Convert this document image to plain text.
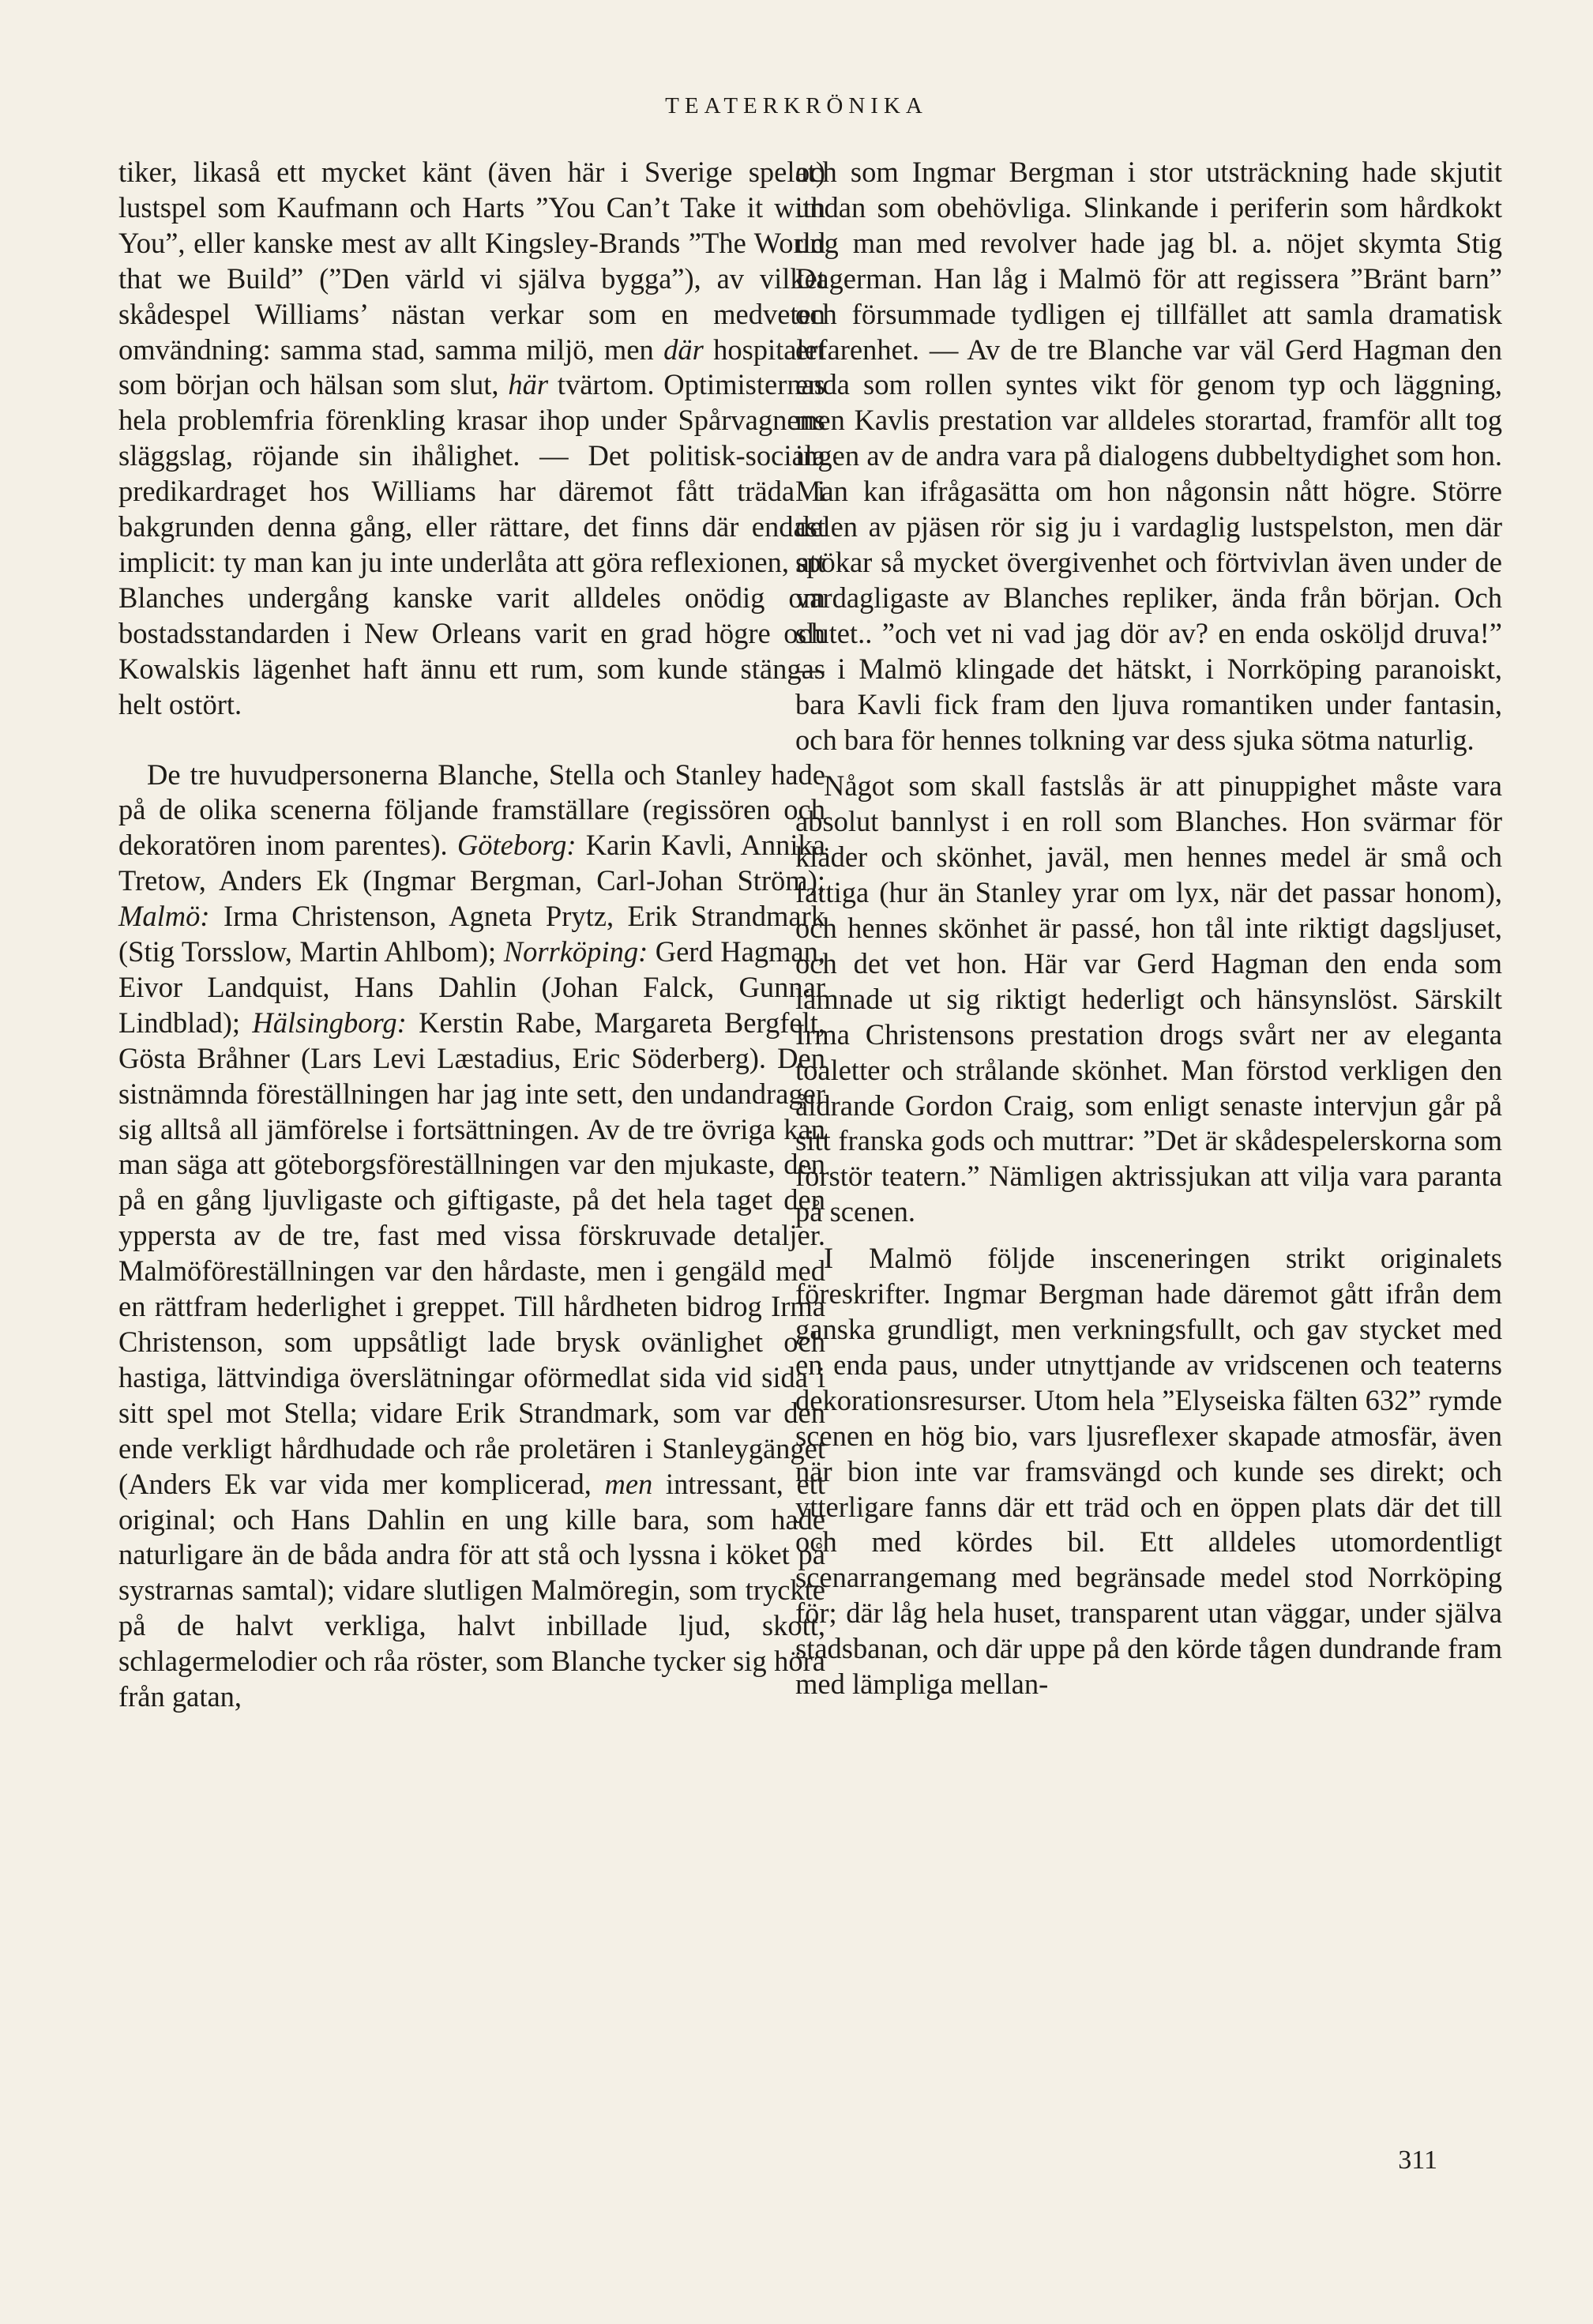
TEATERKRÖNIKA

tiker, likaså ett mycket känt (även här i Sverige spelat) lustspel som Kaufmann och Harts ”You Can’t Take it with You”, eller kanske mest av allt Kingsley-Brands ”The World that we Build” (”Den värld vi själva bygga”), av vilket skådespel Williams’ nästan verkar som en medveten omvändning: samma stad, samma miljö, men där hospitalet som början och hälsan som slut, här tvärtom. Optimisternas hela problemfria förenkling krasar ihop under Spårvagnens släggslag, röjande sin ihålighet. — Det politisk-sociala predikardraget hos Williams har däremot fått träda i bakgrunden denna gång, eller rättare, det finns där endast implicit: ty man kan ju inte underlåta att göra reflexionen, att Blanches undergång kanske varit alldeles onödig om bostadsstandarden i New Orleans varit en grad högre och Kowalskis lägenhet haft ännu ett rum, som kunde stängas helt ostört.

De tre huvudpersonerna Blanche, Stella och Stanley hade på de olika scenerna följande framställare (regissören och dekoratören inom parentes). Göteborg: Karin Kavli, Annika Tretow, Anders Ek (Ingmar Bergman, Carl-Johan Ström); Malmö: Irma Christenson, Agneta Prytz, Erik Strandmark (Stig Torsslow, Martin Ahlbom); Norrköping: Gerd Hagman, Eivor Landquist, Hans Dahlin (Johan Falck, Gunnar Lindblad); Hälsingborg: Kerstin Rabe, Margareta Bergfelt, Gösta Bråhner (Lars Levi Læstadius, Eric Söderberg). Den sistnämnda föreställningen har jag inte sett, den undandrager sig alltså all jämförelse i fortsättningen. Av de tre övriga kan man säga att göteborgsföreställningen var den mjukaste, den på en gång ljuvligaste och giftigaste, på det hela taget den yppersta av de tre, fast med vissa förskruvade detaljer. Malmöföreställningen var den hårdaste, men i gengäld med en rättfram hederlighet i greppet. Till hårdheten bidrog Irma Christenson, som uppsåtligt lade brysk ovänlighet och hastiga, lättvindiga överslätningar oförmedlat sida vid sida i sitt spel mot Stella; vidare Erik Strandmark, som var den ende verkligt hårdhudade och råe proletären i Stanleygänget (Anders Ek var vida mer komplicerad, men intressant, ett original; och Hans Dahlin en ung kille bara, som hade naturligare än de båda andra för att stå och lyssna i köket på systrarnas samtal); vidare slutligen Malmöregin, som tryckte på de halvt verkliga, halvt inbillade ljud, skott, schlagermelodier och råa röster, som Blanche tycker sig höra från gatan,

och som Ingmar Bergman i stor utsträckning hade skjutit undan som obehövliga. Slinkande i periferin som hårdkokt ung man med revolver hade jag bl. a. nöjet skymta Stig Dagerman. Han låg i Malmö för att regissera ”Bränt barn” och försummade tydligen ej tillfället att samla dramatisk erfarenhet. — Av de tre Blanche var väl Gerd Hagman den enda som rollen syntes vikt för genom typ och läggning, men Kavlis prestation var alldeles storartad, framför allt tog ingen av de andra vara på dialogens dubbeltydighet som hon. Man kan ifrågasätta om hon någonsin nått högre. Större delen av pjäsen rör sig ju i vardaglig lustspelston, men där spökar så mycket övergivenhet och förtvivlan även under de vardagligaste av Blanches repliker, ända från början. Och slutet.. ”och vet ni vad jag dör av? en enda osköljd druva!” — i Malmö klingade det hätskt, i Norrköping paranoiskt, bara Kavli fick fram den ljuva romantiken under fantasin, och bara för hennes tolkning var dess sjuka sötma naturlig.

Något som skall fastslås är att pinuppighet måste vara absolut bannlyst i en roll som Blanches. Hon svärmar för kläder och skönhet, javäl, men hennes medel är små och fattiga (hur än Stanley yrar om lyx, när det passar honom), och hennes skönhet är passé, hon tål inte riktigt dagsljuset, och det vet hon. Här var Gerd Hagman den enda som lämnade ut sig riktigt hederligt och hänsynslöst. Särskilt Irma Christensons prestation drogs svårt ner av eleganta toaletter och strålande skönhet. Man förstod verkligen den åldrande Gordon Craig, som enligt senaste intervjun går på sitt franska gods och muttrar: ”Det är skådespelerskorna som förstör teatern.” Nämligen aktrissjukan att vilja vara paranta på scenen.

I Malmö följde insceneringen strikt originalets föreskrifter. Ingmar Bergman hade däremot gått ifrån dem ganska grundligt, men verkningsfullt, och gav stycket med en enda paus, under utnyttjande av vridscenen och teaterns dekorationsresurser. Utom hela ”Elyseiska fälten 632” rymde scenen en hög bio, vars ljusreflexer skapade atmosfär, även när bion inte var framsvängd och kunde ses direkt; och ytterligare fanns där ett träd och en öppen plats där det till och med kördes bil. Ett alldeles utomordentligt scenarrangemang med begränsade medel stod Norrköping för; där låg hela huset, transparent utan väggar, under själva stadsbanan, och där uppe på den körde tågen dundrande fram med lämpliga mellan-

311
